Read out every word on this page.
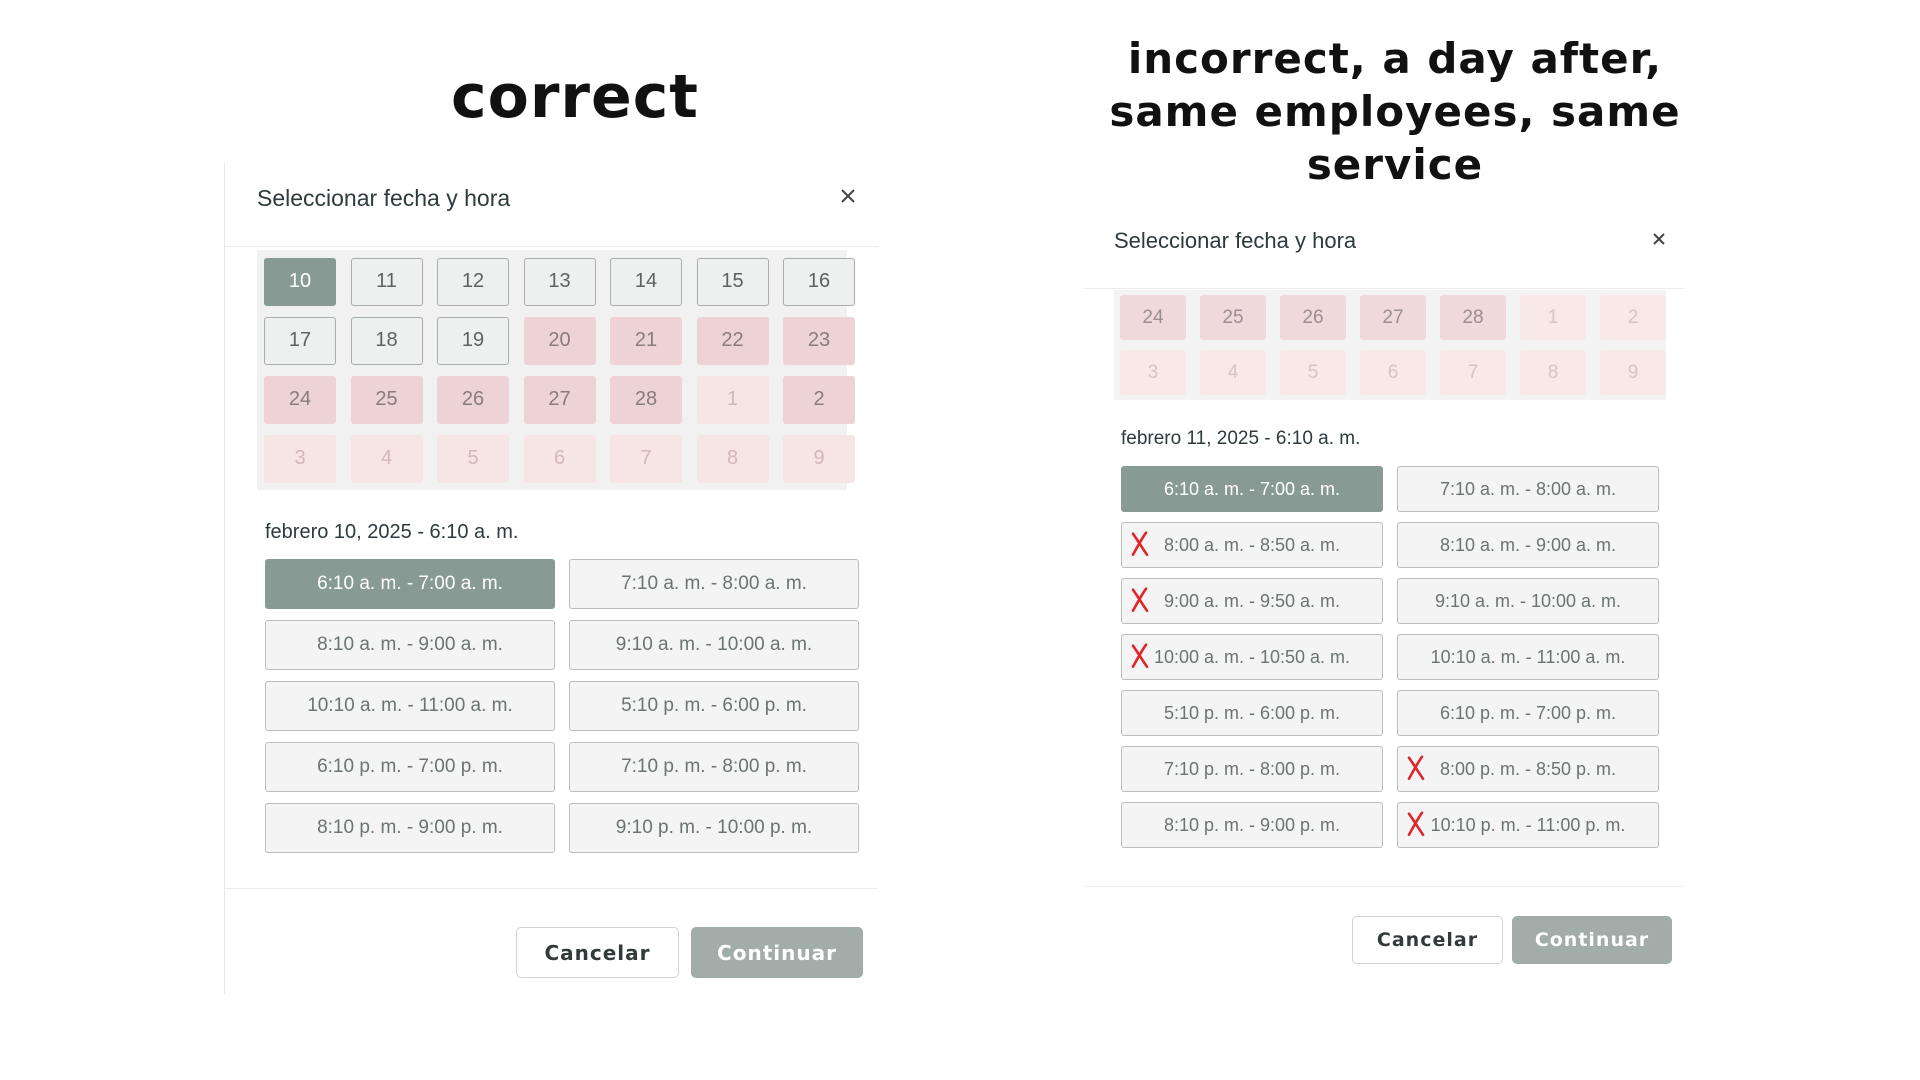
correct
incorrect, a day after, same employees, same service
Seleccionar fecha y hora
10	11	12	13	14	15	16
17	18	19	20	21	22	23
24	25	26	27	28	1	2
3	4	5	6	7	8	9
febrero 10, 2025 - 6:10 a. m.
6:10 a. m. - 7:00 a. m.	7:10 a. m. - 8:00 a. m.
8:10 a. m. - 9:00 a. m.	9:10 a. m. - 10:00 a. m.
10:10 a. m. - 11:00 a. m.	5:10 p. m. - 6:00 p. m.
6:10 p. m. - 7:00 p. m.	7:10 p. m. - 8:00 p. m.
8:10 p. m. - 9:00 p. m.	9:10 p. m. - 10:00 p. m.
Cancelar	Continuar
Seleccionar fecha y hora
24	25	26	27	28	1	2
3	4	5	6	7	8	9
febrero 11, 2025 - 6:10 a. m.
6:10 a. m. - 7:00 a. m.	7:10 a. m. - 8:00 a. m.
8:00 a. m. - 8:50 a. m.	8:10 a. m. - 9:00 a. m.
9:00 a. m. - 9:50 a. m.	9:10 a. m. - 10:00 a. m.
10:00 a. m. - 10:50 a. m.	10:10 a. m. - 11:00 a. m.
5:10 p. m. - 6:00 p. m.	6:10 p. m. - 7:00 p. m.
7:10 p. m. - 8:00 p. m.	8:00 p. m. - 8:50 p. m.
8:10 p. m. - 9:00 p. m.	10:10 p. m. - 11:00 p. m.
Cancelar	Continuar
